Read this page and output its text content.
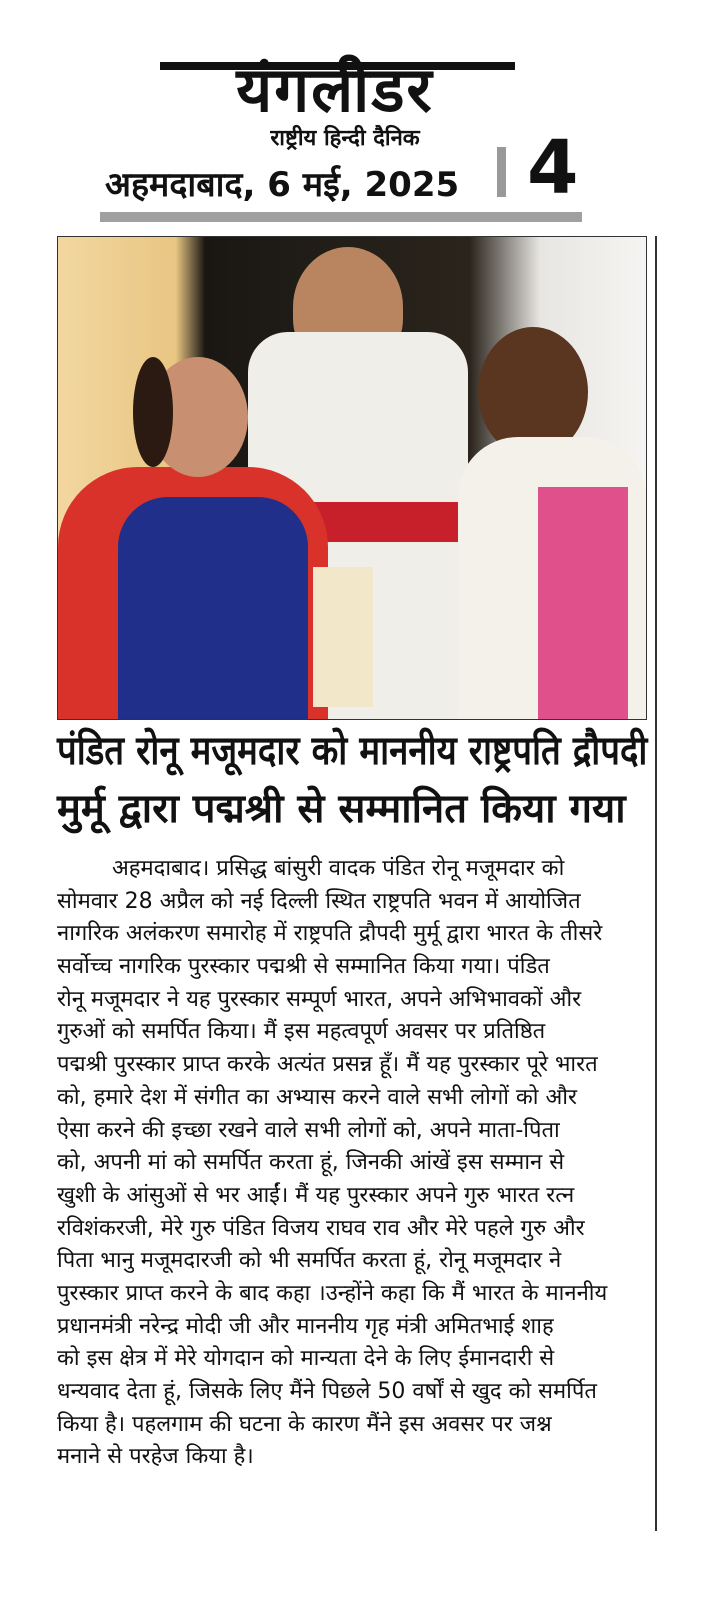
यंगलीडर
राष्ट्रीय हिन्दी दैनिक
अहमदाबाद, 6 मई, 2025 4
पंडित रोनू मजूमदार को माननीय राष्ट्रपति द्रौपदी
मुर्मू द्वारा पद्मश्री से सम्मानित किया गया
अहमदाबाद। प्रसिद्ध बांसुरी वादक पंडित रोनू मजूमदार को
सोमवार 28 अप्रैल को नई दिल्ली स्थित राष्ट्रपति भवन में आयोजित
नागरिक अलंकरण समारोह में राष्ट्रपति द्रौपदी मुर्मू द्वारा भारत के तीसरे
सर्वोच्च नागरिक पुरस्कार पद्मश्री से सम्मानित किया गया। पंडित
रोनू मजूमदार ने यह पुरस्कार सम्पूर्ण भारत, अपने अभिभावकों और
गुरुओं को समर्पित किया। मैं इस महत्वपूर्ण अवसर पर प्रतिष्ठित
पद्मश्री पुरस्कार प्राप्त करके अत्यंत प्रसन्न हूँ। मैं यह पुरस्कार पूरे भारत
को, हमारे देश में संगीत का अभ्यास करने वाले सभी लोगों को और
ऐसा करने की इच्छा रखने वाले सभी लोगों को, अपने माता-पिता
को, अपनी मां को समर्पित करता हूं, जिनकी आंखें इस सम्मान से
खुशी के आंसुओं से भर आईं। मैं यह पुरस्कार अपने गुरु भारत रत्न
रविशंकरजी, मेरे गुरु पंडित विजय राघव राव और मेरे पहले गुरु और
पिता भानु मजूमदारजी को भी समर्पित करता हूं, रोनू मजूमदार ने
पुरस्कार प्राप्त करने के बाद कहा ।उन्होंने कहा कि मैं भारत के माननीय
प्रधानमंत्री नरेन्द्र मोदी जी और माननीय गृह मंत्री अमितभाई शाह
को इस क्षेत्र में मेरे योगदान को मान्यता देने के लिए ईमानदारी से
धन्यवाद देता हूं, जिसके लिए मैंने पिछले 50 वर्षों से खुद को समर्पित
किया है। पहलगाम की घटना के कारण मैंने इस अवसर पर जश्न
मनाने से परहेज किया है।
